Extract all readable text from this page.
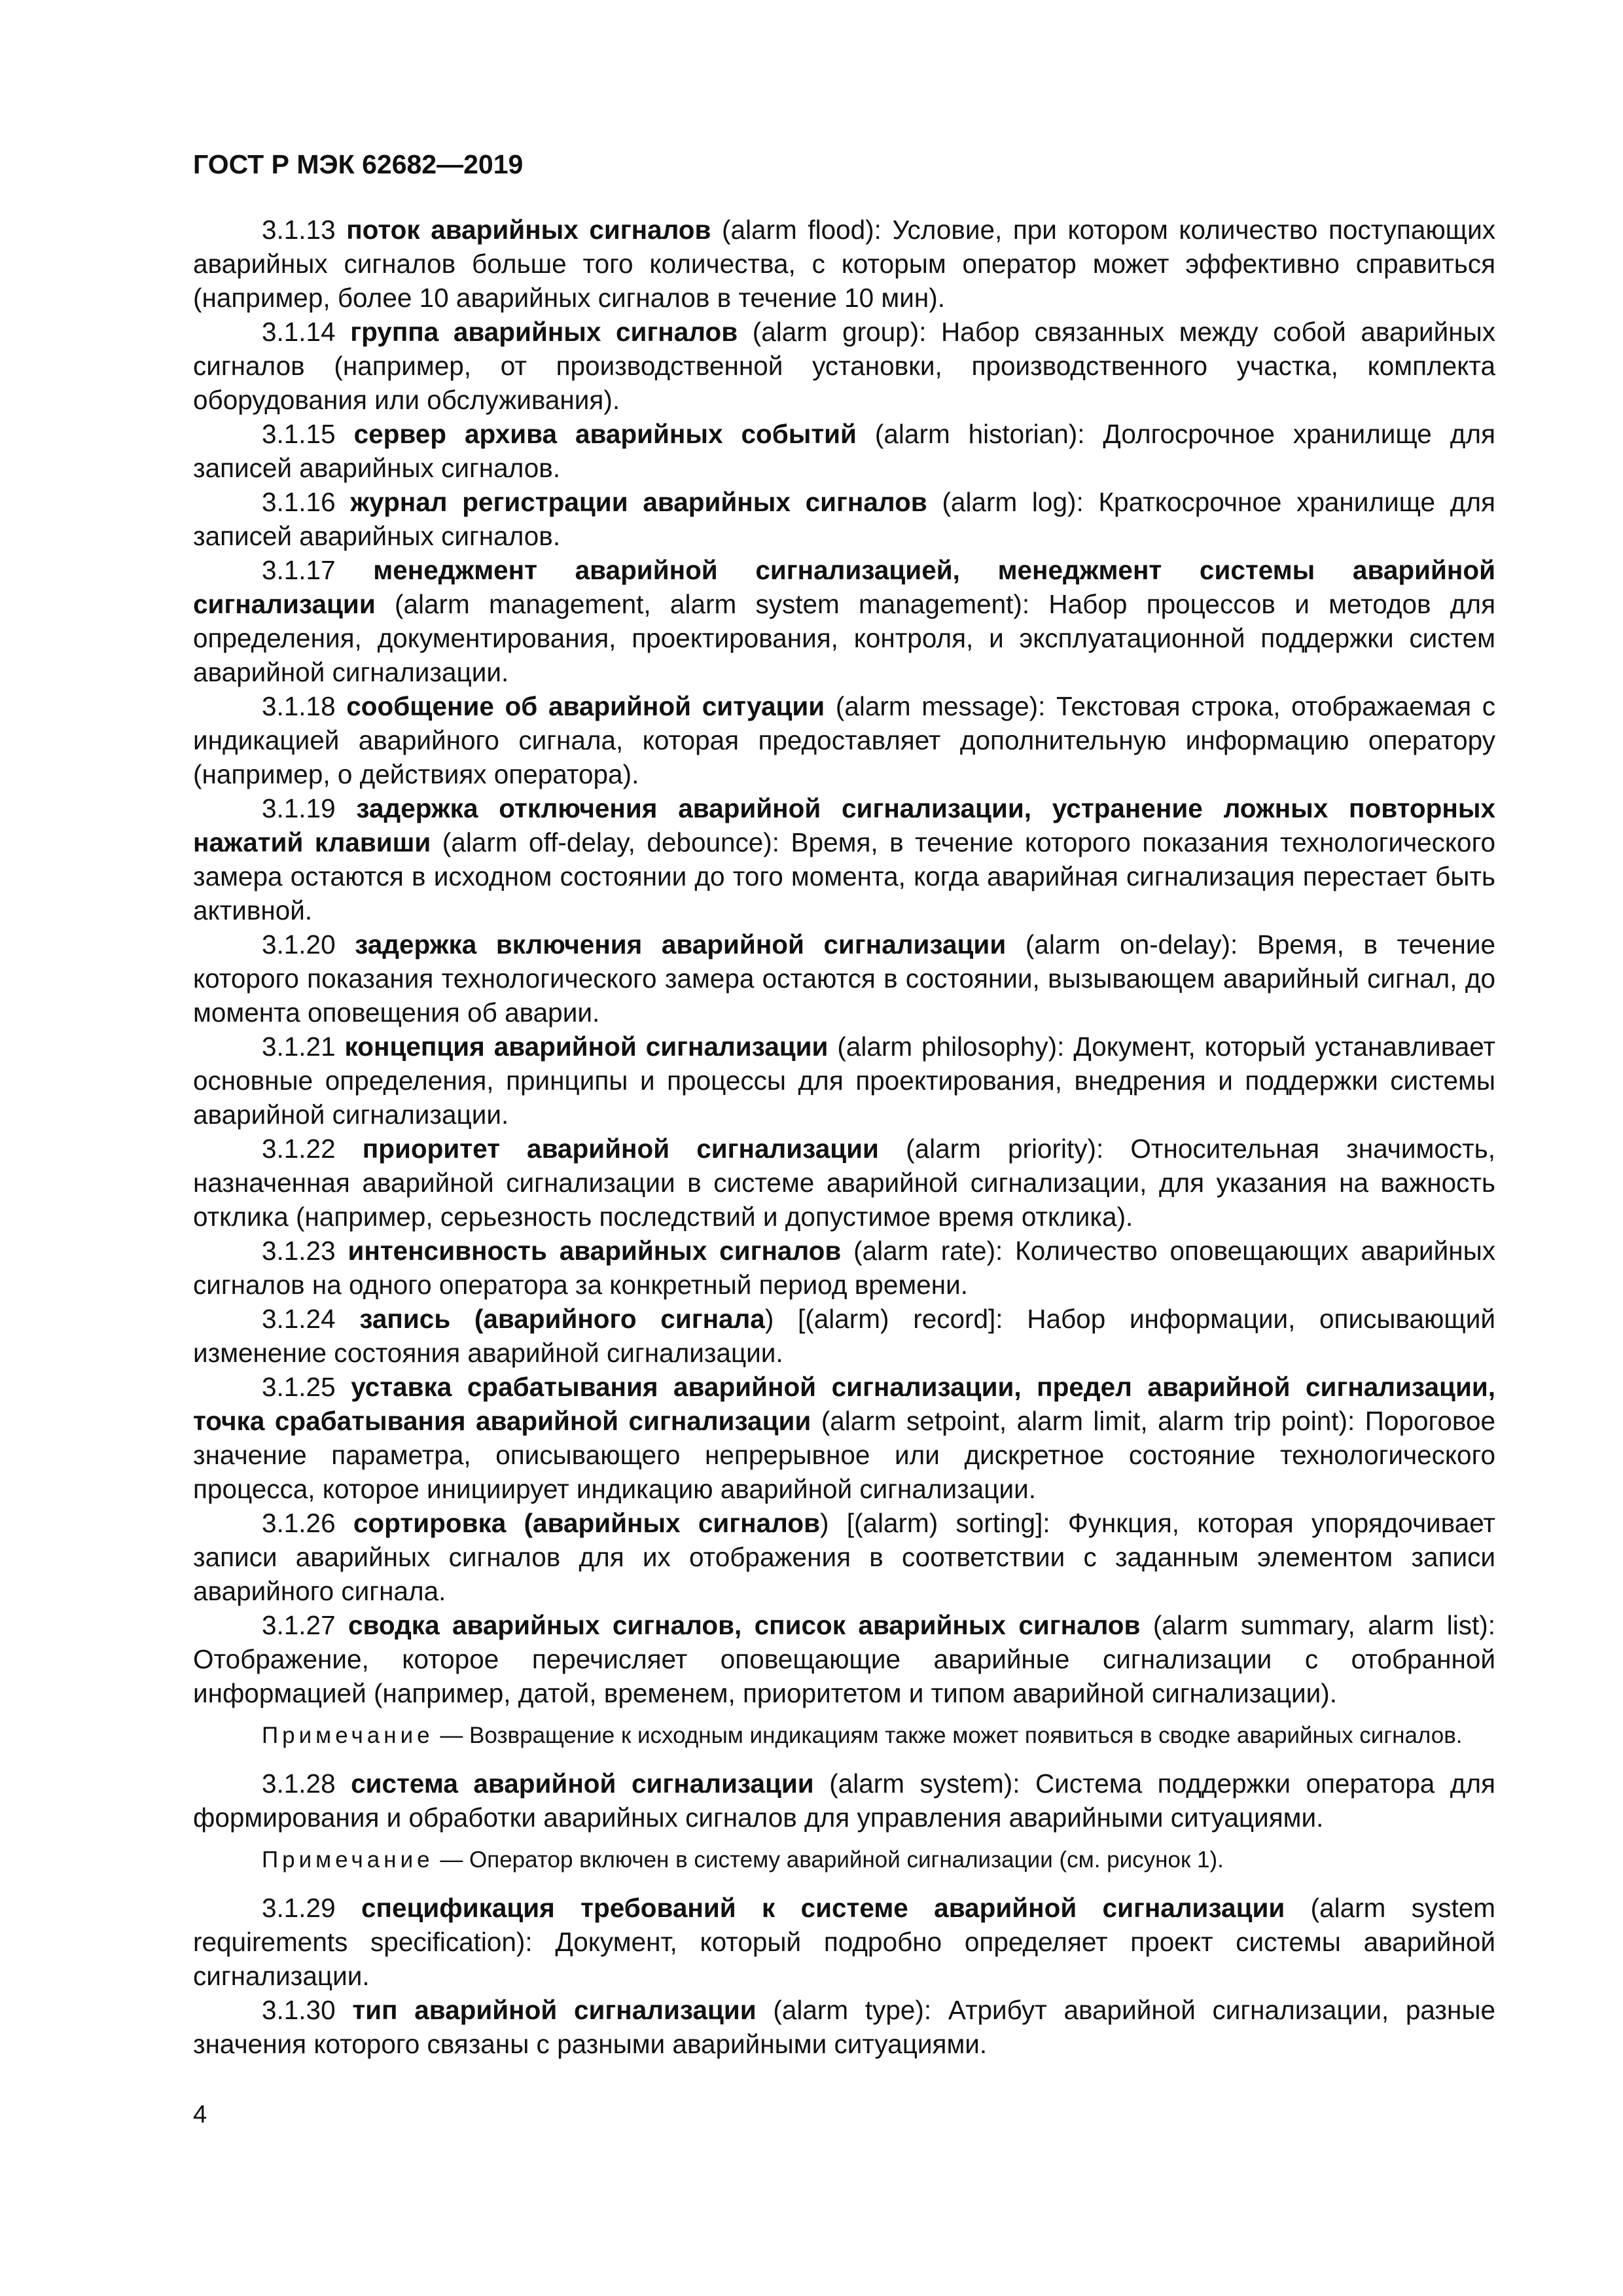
ГОСТ Р МЭК 62682—2019
3.1.13 поток аварийных сигналов (alarm flood): Условие, при котором количество поступающих аварийных сигналов больше того количества, с которым оператор может эффективно справиться (например, более 10 аварийных сигналов в течение 10 мин).
3.1.14 группа аварийных сигналов (alarm group): Набор связанных между собой аварийных сигналов (например, от производственной установки, производственного участка, комплекта оборудования или обслуживания).
3.1.15 сервер архива аварийных событий (alarm historian): Долгосрочное хранилище для записей аварийных сигналов.
3.1.16 журнал регистрации аварийных сигналов (alarm log): Краткосрочное хранилище для записей аварийных сигналов.
3.1.17 менеджмент аварийной сигнализацией, менеджмент системы аварийной сигнализации (alarm management, alarm system management): Набор процессов и методов для определения, документирования, проектирования, контроля, и эксплуатационной поддержки систем аварийной сигнализации.
3.1.18 сообщение об аварийной ситуации (alarm message): Текстовая строка, отображаемая с индикацией аварийного сигнала, которая предоставляет дополнительную информацию оператору (например, о действиях оператора).
3.1.19 задержка отключения аварийной сигнализации, устранение ложных повторных нажатий клавиши (alarm off-delay, debounce): Время, в течение которого показания технологического замера остаются в исходном состоянии до того момента, когда аварийная сигнализация перестает быть активной.
3.1.20 задержка включения аварийной сигнализации (alarm on-delay): Время, в течение которого показания технологического замера остаются в состоянии, вызывающем аварийный сигнал, до момента оповещения об аварии.
3.1.21 концепция аварийной сигнализации (alarm philosophy): Документ, который устанавливает основные определения, принципы и процессы для проектирования, внедрения и поддержки системы аварийной сигнализации.
3.1.22 приоритет аварийной сигнализации (alarm priority): Относительная значимость, назначенная аварийной сигнализации в системе аварийной сигнализации, для указания на важность отклика (например, серьезность последствий и допустимое время отклика).
3.1.23 интенсивность аварийных сигналов (alarm rate): Количество оповещающих аварийных сигналов на одного оператора за конкретный период времени.
3.1.24 запись (аварийного сигнала) [(alarm) record]: Набор информации, описывающий изменение состояния аварийной сигнализации.
3.1.25 уставка срабатывания аварийной сигнализации, предел аварийной сигнализации, точка срабатывания аварийной сигнализации (alarm setpoint, alarm limit, alarm trip point): Пороговое значение параметра, описывающего непрерывное или дискретное состояние технологического процесса, которое инициирует индикацию аварийной сигнализации.
3.1.26 сортировка (аварийных сигналов) [(alarm) sorting]: Функция, которая упорядочивает записи аварийных сигналов для их отображения в соответствии с заданным элементом записи аварийного сигнала.
3.1.27 сводка аварийных сигналов, список аварийных сигналов (alarm summary, alarm list): Отображение, которое перечисляет оповещающие аварийные сигнализации с отобранной информацией (например, датой, временем, приоритетом и типом аварийной сигнализации).
Примечание — Возвращение к исходным индикациям также может появиться в сводке аварийных сигналов.
3.1.28 система аварийной сигнализации (alarm system): Система поддержки оператора для формирования и обработки аварийных сигналов для управления аварийными ситуациями.
Примечание — Оператор включен в систему аварийной сигнализации (см. рисунок 1).
3.1.29 спецификация требований к системе аварийной сигнализации (alarm system requirements specification): Документ, который подробно определяет проект системы аварийной сигнализации.
3.1.30 тип аварийной сигнализации (alarm type): Атрибут аварийной сигнализации, разные значения которого связаны с разными аварийными ситуациями.
4
